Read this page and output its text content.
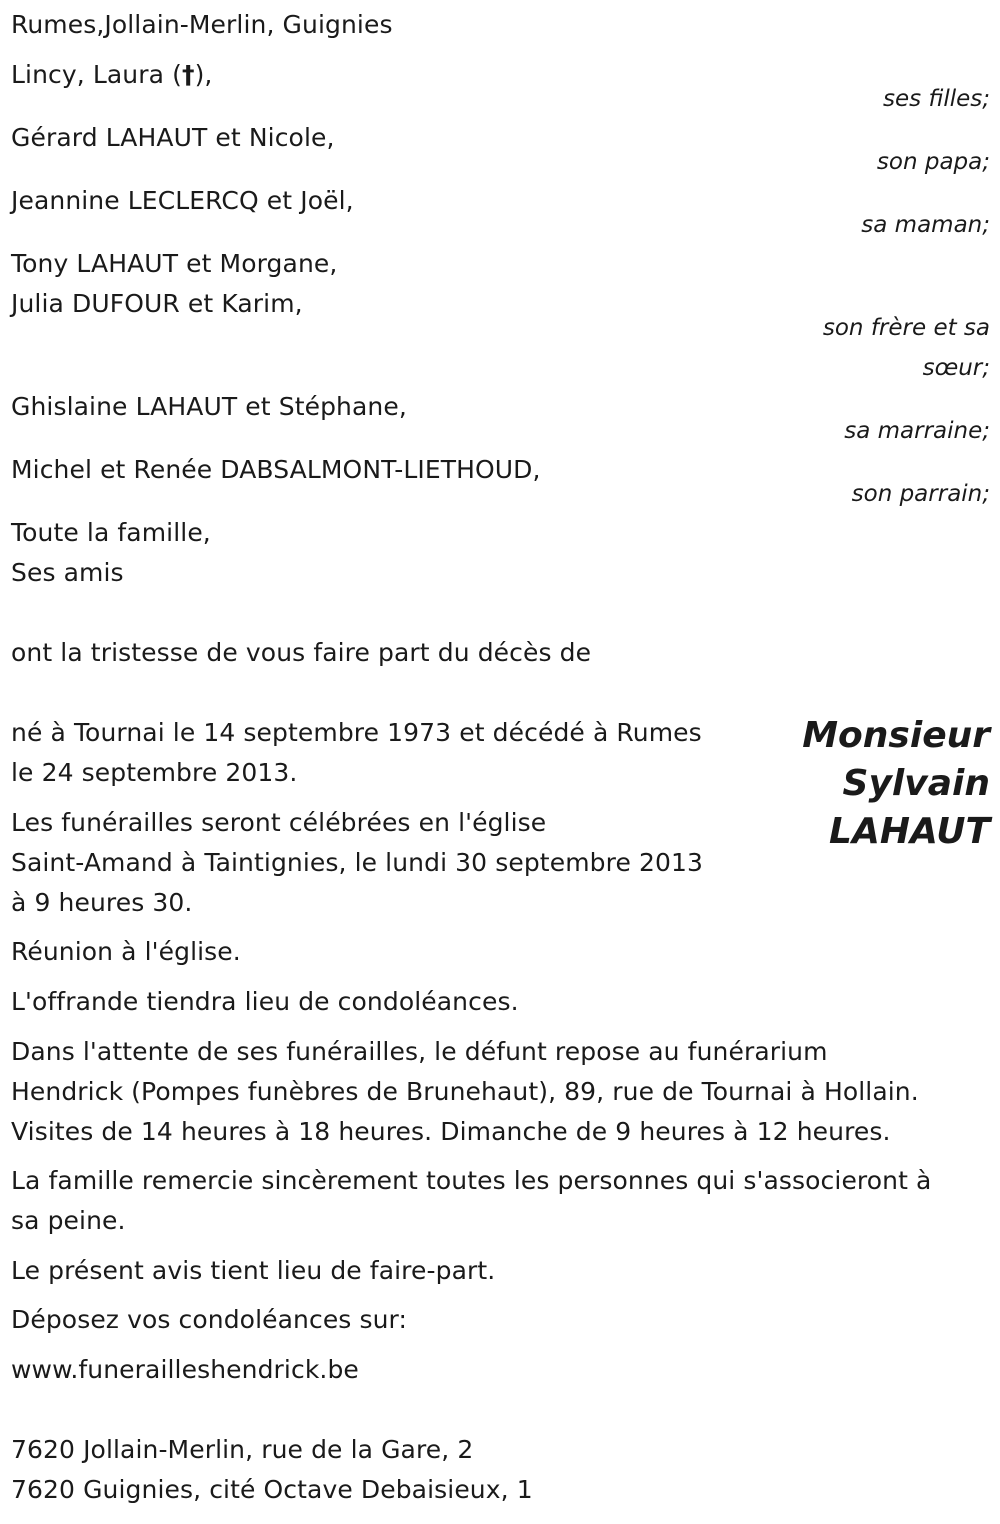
Rumes,Jollain-Merlin, Guignies
Lincy, Laura (†),
ses filles;
Gérard LAHAUT et Nicole,
son papa;
Jeannine LECLERCQ et Joël,
sa maman;
Tony LAHAUT et Morgane,
Julia DUFOUR et Karim,
son frère et sa
sœur;
Ghislaine LAHAUT et Stéphane,
sa marraine;
Michel et Renée DABSALMONT-LIETHOUD,
son parrain;
Toute la famille,
Ses amis
ont la tristesse de vous faire part du décès de
Monsieur
Sylvain
LAHAUT
né à Tournai le 14 septembre 1973 et décédé à Rumes
le 24 septembre 2013.
Les funérailles seront célébrées en l'église
Saint-Amand à Taintignies, le lundi 30 septembre 2013
à 9 heures 30.
Réunion à l'église.
L'offrande tiendra lieu de condoléances.
Dans l'attente de ses funérailles, le défunt repose au funérarium
Hendrick (Pompes funèbres de Brunehaut), 89, rue de Tournai à Hollain.
Visites de 14 heures à 18 heures. Dimanche de 9 heures à 12 heures.
La famille remercie sincèrement toutes les personnes qui s'associeront à
sa peine.
Le présent avis tient lieu de faire-part.
Déposez vos condoléances sur:
www.funerailleshendrick.be
7620 Jollain-Merlin, rue de la Gare, 2
7620 Guignies, cité Octave Debaisieux, 1
